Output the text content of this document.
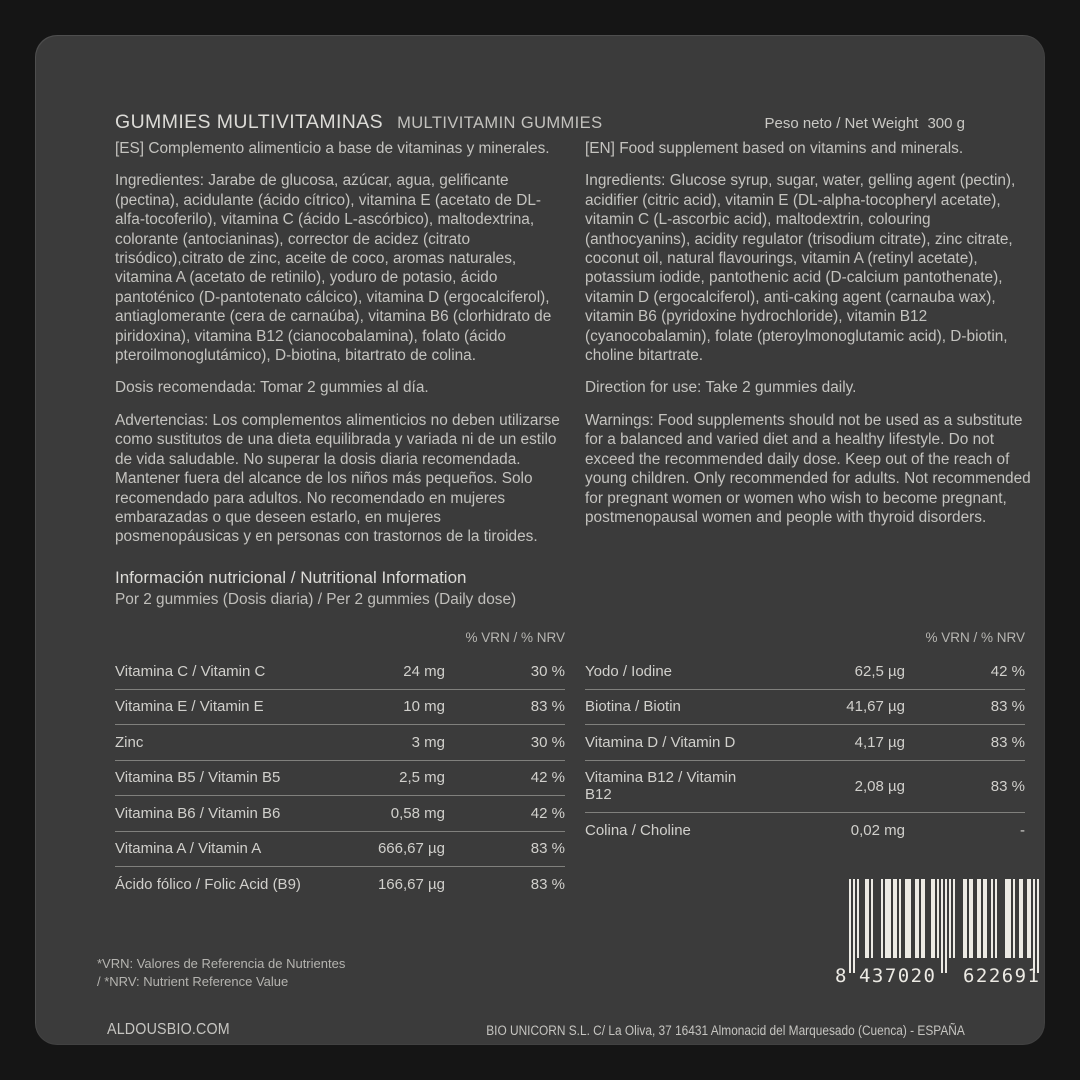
GUMMIES MULTIVITAMINAS MULTIVITAMIN GUMMIES	Peso neto / Net Weight 300 g

[ES] Complemento alimenticio a base de vitaminas y minerales.

Ingredientes: Jarabe de glucosa, azúcar, agua, gelificante (pectina), acidulante (ácido cítrico), vitamina E (acetato de DL-alfa-tocoferilo), vitamina C (ácido L-ascórbico), maltodextrina, colorante (antocianinas), corrector de acidez (citrato trisódico),citrato de zinc, aceite de coco, aromas naturales, vitamina A (acetato de retinilo), yoduro de potasio, ácido pantoténico (D-pantotenato cálcico), vitamina D (ergocalciferol), antiaglomerante (cera de carnaúba), vitamina B6 (clorhidrato de piridoxina), vitamina B12 (cianocobalamina), folato (ácido pteroilmonoglutámico), D-biotina, bitartrato de colina.

Dosis recomendada: Tomar 2 gummies al día.

Advertencias: Los complementos alimenticios no deben utilizarse como sustitutos de una dieta equilibrada y variada ni de un estilo de vida saludable. No superar la dosis diaria recomendada. Mantener fuera del alcance de los niños más pequeños. Solo recomendado para adultos. No recomendado en mujeres embarazadas o que deseen estarlo, en mujeres posmenopáusicas y en personas con trastornos de la tiroides.

[EN] Food supplement based on vitamins and minerals.

Ingredients: Glucose syrup, sugar, water, gelling agent (pectin), acidifier (citric acid), vitamin E (DL-alpha-tocopheryl acetate), vitamin C (L-ascorbic acid), maltodextrin, colouring (anthocyanins), acidity regulator (trisodium citrate), zinc citrate, coconut oil, natural flavourings, vitamin A (retinyl acetate), potassium iodide, pantothenic acid (D-calcium pantothenate), vitamin D (ergocalciferol), anti-caking agent (carnauba wax), vitamin B6 (pyridoxine hydrochloride), vitamin B12 (cyanocobalamin), folate (pteroylmonoglutamic acid), D-biotin, choline bitartrate.

Direction for use: Take 2 gummies daily.

Warnings: Food supplements should not be used as a substitute for a balanced and varied diet and a healthy lifestyle. Do not exceed the recommended daily dose. Keep out of the reach of young children. Only recommended for adults. Not recommended for pregnant women or women who wish to become pregnant, postmenopausal women and people with thyroid disorders.

Información nutricional / Nutritional Information
Por 2 gummies (Dosis diaria) / Per 2 gummies (Daily dose)
% VRN / % NRV
Vitamina C / Vitamin C	24 mg	30 %
Vitamina E / Vitamin E	10 mg	83 %
Zinc	3 mg	30 %
Vitamina B5 / Vitamin B5	2,5 mg	42 %
Vitamina B6 / Vitamin B6	0,58 mg	42 %
Vitamina A / Vitamin A	666,67 µg	83 %
Ácido fólico / Folic Acid (B9)	166,67 µg	83 %
% VRN / % NRV
Yodo / Iodine	62,5 µg	42 %
Biotina / Biotin	41,67 µg	83 %
Vitamina D / Vitamin D	4,17 µg	83 %
Vitamina B12 / Vitamin B12	2,08 µg	83 %
Colina / Choline	0,02 mg	-
*VRN: Valores de Referencia de Nutrientes
/ *NRV: Nutrient Reference Value	8 437020 622691
ALDOUSBIO.COM	BIO UNICORN S.L. C/ La Oliva, 37 16431 Almonacid del Marquesado (Cuenca) - ESPAÑA
